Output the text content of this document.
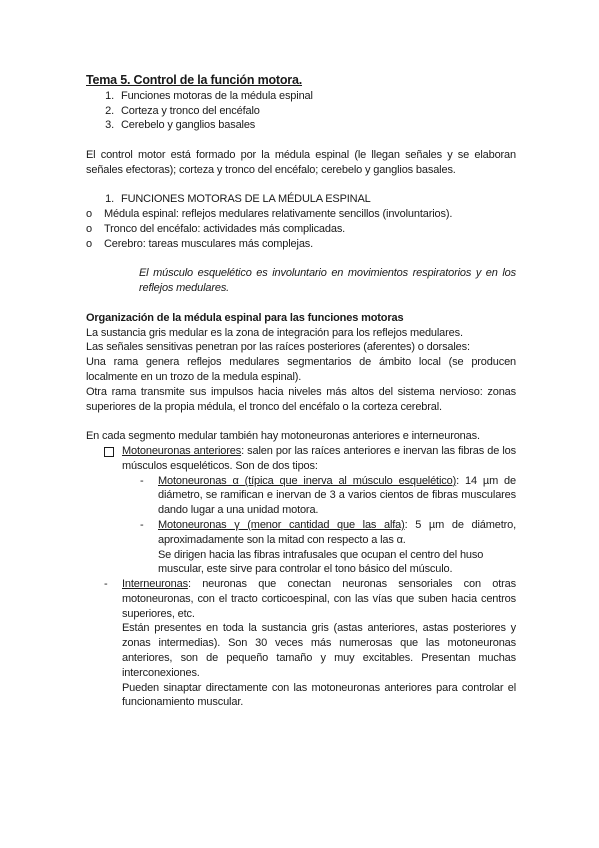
Tema 5. Control de la función motora.
1. Funciones motoras de la médula espinal
2. Corteza y tronco del encéfalo
3. Cerebelo y ganglios basales

El control motor está formado por la médula espinal (le llegan señales y se elaboran señales efectoras); corteza y tronco del encéfalo; cerebelo y ganglios basales.

1. FUNCIONES MOTORAS DE LA MÉDULA ESPINAL
o	Médula espinal: reflejos medulares relativamente sencillos (involuntarios).
o	Tronco del encéfalo: actividades más complicadas.
o	Cerebro: tareas musculares más complejas.

El músculo esquelético es involuntario en movimientos respiratorios y en los reflejos medulares.

Organización de la médula espinal para las funciones motoras

La sustancia gris medular es la zona de integración para los reflejos medulares.

Las señales sensitivas penetran por las raíces posteriores (aferentes) o dorsales:

Una rama genera reflejos medulares segmentarios de ámbito local (se producen localmente en un trozo de la medula espinal).

Otra rama transmite sus impulsos hacia niveles más altos del sistema nervioso: zonas superiores de la propia médula, el tronco del encéfalo o la corteza cerebral.

En cada segmento medular también hay motoneuronas anteriores e interneuronas.

Motoneuronas anteriores: salen por las raíces anteriores e inervan las fibras de los músculos esqueléticos. Son de dos tipos:

-	Motoneuronas α (típica que inerva al músculo esquelético): 14 µm de diámetro, se ramifican e inervan de 3 a varios cientos de fibras musculares dando lugar a una unidad motora.

-	Motoneuronas γ (menor cantidad que las alfa): 5 µm de diámetro, aproximadamente son la mitad con respecto a las α.

Se dirigen hacia las fibras intrafusales que ocupan el centro del huso muscular, este sirve para controlar el tono básico del músculo.

-	Interneuronas: neuronas que conectan neuronas sensoriales con otras motoneuronas, con el tracto corticoespinal, con las vías que suben hacia centros superiores, etc.

Están presentes en toda la sustancia gris (astas anteriores, astas posteriores y zonas intermedias). Son 30 veces más numerosas que las motoneuronas anteriores, son de pequeño tamaño y muy excitables. Presentan muchas interconexiones.

Pueden sinaptar directamente con las motoneuronas anteriores para controlar el funcionamiento muscular.
